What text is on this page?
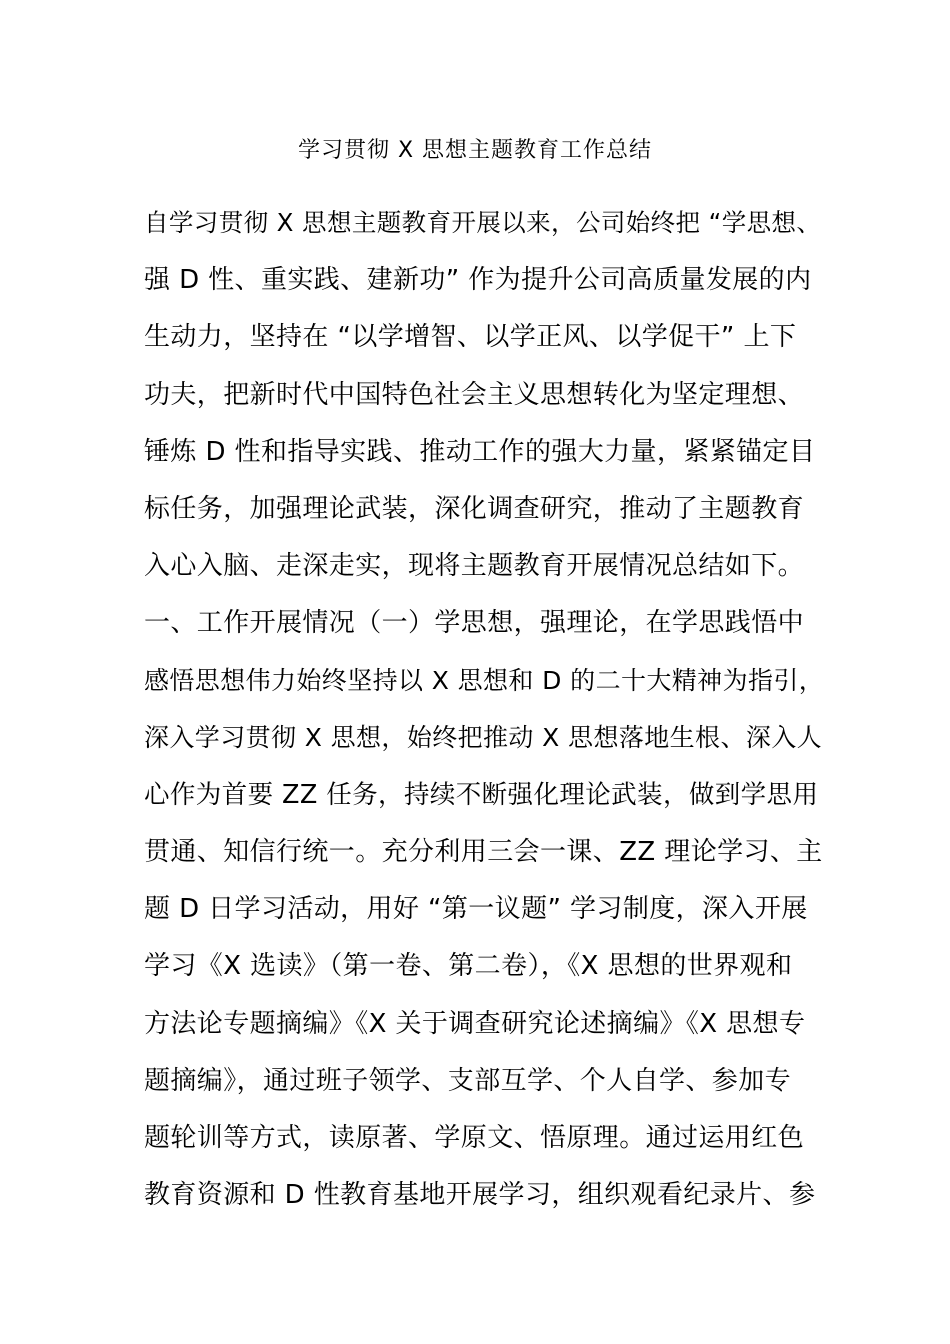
学习贯彻 X 思想主题教育工作总结
自学习贯彻 X 思想主题教育开展以来，公司始终把 “学思想、
强 D 性、重实践、建新功” 作为提升公司高质量发展的内
生动力，坚持在 “以学增智、以学正风、以学促干” 上下
功夫，把新时代中国特色社会主义思想转化为坚定理想、
锤炼 D 性和指导实践、推动工作的强大力量，紧紧锚定目
标任务，加强理论武装，深化调查研究，推动了主题教育
入心入脑、走深走实，现将主题教育开展情况总结如下。
一、工作开展情况（一）学思想，强理论，在学思践悟中
感悟思想伟力始终坚持以 X 思想和 D 的二十大精神为指引，
深入学习贯彻 X 思想，始终把推动 X 思想落地生根、深入人
心作为首要 ZZ 任务，持续不断强化理论武装，做到学思用
贯通、知信行统一。充分利用三会一课、ZZ 理论学习、主
题 D 日学习活动，用好 “第一议题” 学习制度，深入开展
学习《X 选读》（第一卷、第二卷），《X 思想的世界观和
方法论专题摘编》《X 关于调查研究论述摘编》《X 思想专
题摘编》，通过班子领学、支部互学、个人自学、参加专
题轮训等方式，读原著、学原文、悟原理。通过运用红色
教育资源和 D 性教育基地开展学习，组织观看纪录片、参
